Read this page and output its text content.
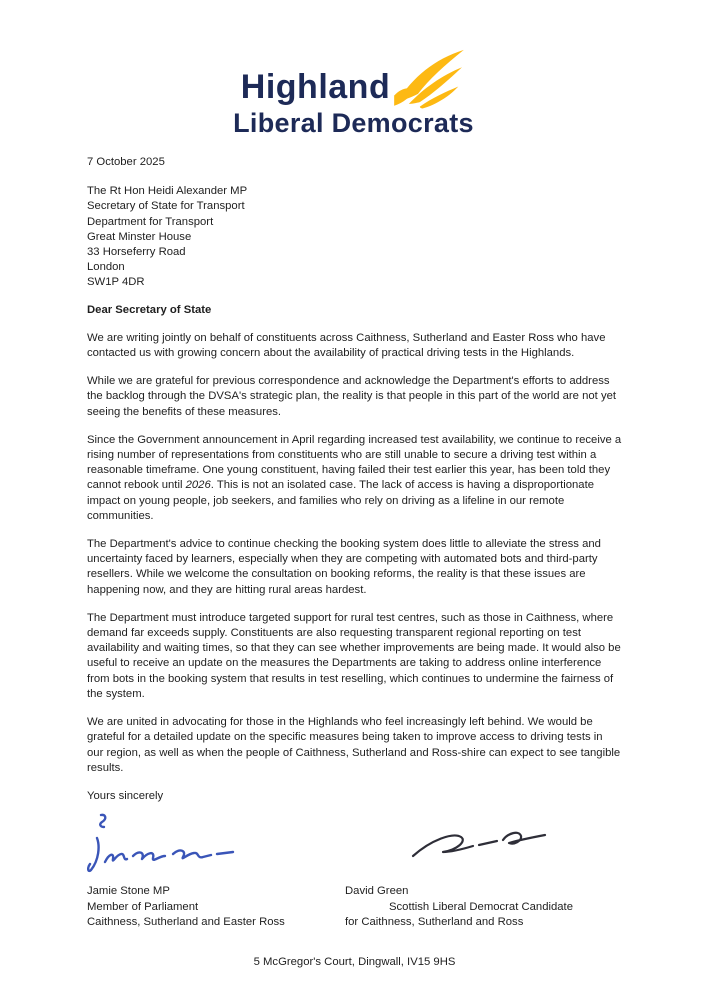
Highland
Liberal Democrats

7 October 2025

The Rt Hon Heidi Alexander MP
Secretary of State for Transport
Department for Transport
Great Minster House
33 Horseferry Road
London
SW1P 4DR

Dear Secretary of State

We are writing jointly on behalf of constituents across Caithness, Sutherland and Easter Ross who have contacted us with growing concern about the availability of practical driving tests in the Highlands.

While we are grateful for previous correspondence and acknowledge the Department's efforts to address the backlog through the DVSA's strategic plan, the reality is that people in this part of the world are not yet seeing the benefits of these measures.

Since the Government announcement in April regarding increased test availability, we continue to receive a rising number of representations from constituents who are still unable to secure a driving test within a reasonable timeframe. One young constituent, having failed their test earlier this year, has been told they cannot rebook until 2026. This is not an isolated case. The lack of access is having a disproportionate impact on young people, job seekers, and families who rely on driving as a lifeline in our remote communities.

The Department's advice to continue checking the booking system does little to alleviate the stress and uncertainty faced by learners, especially when they are competing with automated bots and third-party resellers. While we welcome the consultation on booking reforms, the reality is that these issues are happening now, and they are hitting rural areas hardest.

The Department must introduce targeted support for rural test centres, such as those in Caithness, where demand far exceeds supply. Constituents are also requesting transparent regional reporting on test availability and waiting times, so that they can see whether improvements are being made. It would also be useful to receive an update on the measures the Departments are taking to address online interference from bots in the booking system that results in test reselling, which continues to undermine the fairness of the system.

We are united in advocating for those in the Highlands who feel increasingly left behind. We would be grateful for a detailed update on the specific measures being taken to improve access to driving tests in our region, as well as when the people of Caithness, Sutherland and Ross-shire can expect to see tangible results.

Yours sincerely

Jamie Stone MP
Member of Parliament
Caithness, Sutherland and Easter Ross
David Green
Scottish Liberal Democrat Candidate
for Caithness, Sutherland and Ross
5 McGregor's Court, Dingwall, IV15 9HS
